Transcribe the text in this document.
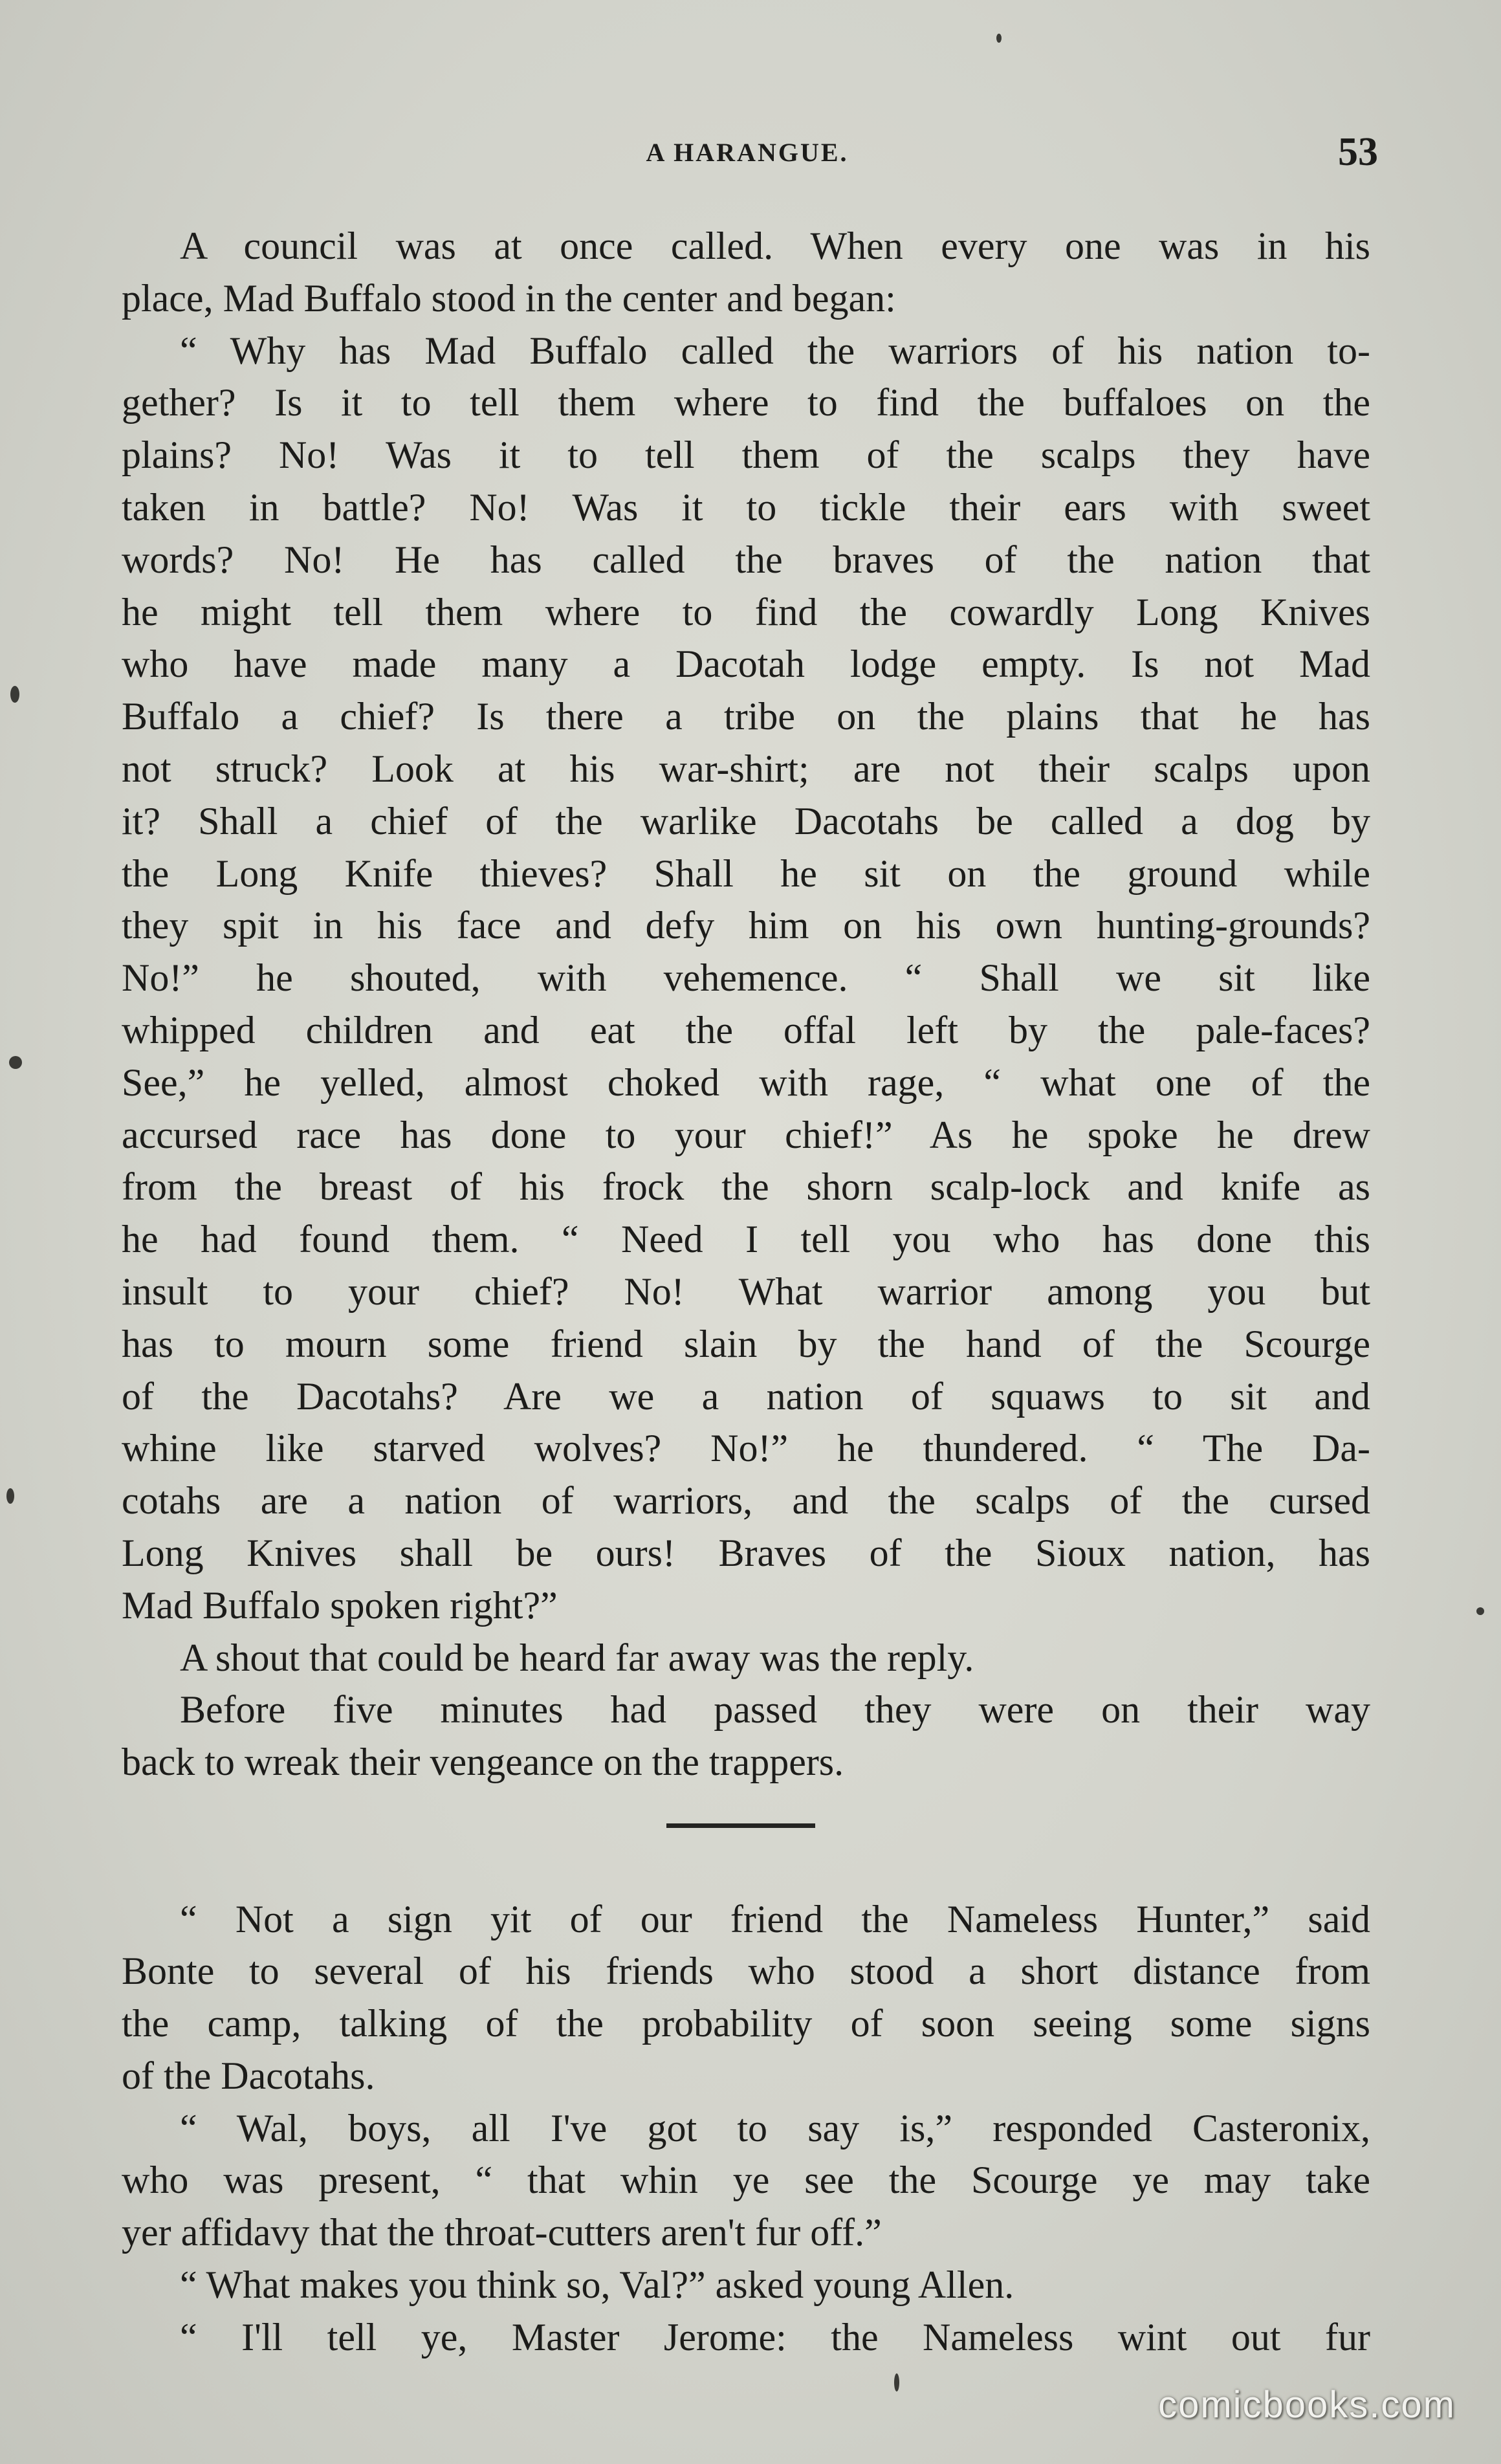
A HARANGUE.	53
A council was at once called. When every one was in his
place, Mad Buffalo stood in the center and began:
“ Why has Mad Buffalo called the warriors of his nation to-
gether? Is it to tell them where to find the buffaloes on the
plains? No! Was it to tell them of the scalps they have
taken in battle? No! Was it to tickle their ears with sweet
words? No! He has called the braves of the nation that
he might tell them where to find the cowardly Long Knives
who have made many a Dacotah lodge empty. Is not Mad
Buffalo a chief? Is there a tribe on the plains that he has
not struck? Look at his war-shirt; are not their scalps upon
it? Shall a chief of the warlike Dacotahs be called a dog by
the Long Knife thieves? Shall he sit on the ground while
they spit in his face and defy him on his own hunting-grounds?
No!” he shouted, with vehemence. “ Shall we sit like
whipped children and eat the offal left by the pale-faces?
See,” he yelled, almost choked with rage, “ what one of the
accursed race has done to your chief!” As he spoke he drew
from the breast of his frock the shorn scalp-lock and knife as
he had found them. “ Need I tell you who has done this
insult to your chief? No! What warrior among you but
has to mourn some friend slain by the hand of the Scourge
of the Dacotahs? Are we a nation of squaws to sit and
whine like starved wolves? No!” he thundered. “ The Da-
cotahs are a nation of warriors, and the scalps of the cursed
Long Knives shall be ours! Braves of the Sioux nation, has
Mad Buffalo spoken right?”
A shout that could be heard far away was the reply.
Before five minutes had passed they were on their way
back to wreak their vengeance on the trappers.
“ Not a sign yit of our friend the Nameless Hunter,” said
Bonte to several of his friends who stood a short distance from
the camp, talking of the probability of soon seeing some signs
of the Dacotahs.
“ Wal, boys, all I've got to say is,” responded Casteronix,
who was present, “ that whin ye see the Scourge ye may take
yer affidavy that the throat-cutters aren't fur off.”
“ What makes you think so, Val?” asked young Allen.
“ I'll tell ye, Master Jerome: the Nameless wint out fur
comicbooks.com
